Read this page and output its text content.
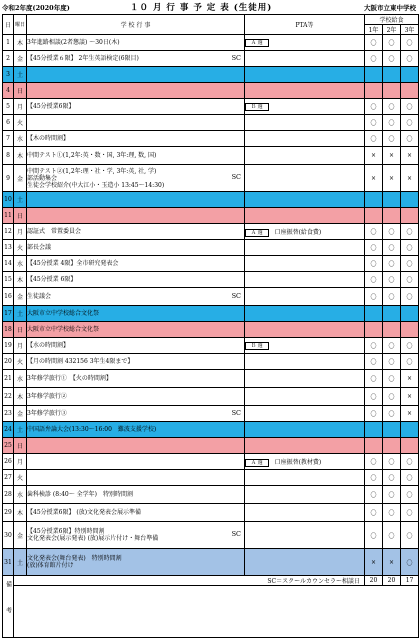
令和2年度(2020年度)	１０ 月 行 事 予 定 表 (生徒用)	大阪市立東中学校
日	曜日	学 校 行 事	PTA等	学校給食		
				1年	2年	3年
1	木	3年進路相談(2者懇談) ～30日(木)	Ａ 週	〇	〇	〇
2	金	【45分授業６限】 2年生英語検定(6限目) SC		〇	〇	〇
3	土	

4	日	

5	月	【45分授業6限】	Ｂ 週	〇	〇	〇
6	火			〇	〇	〇
7	水	【木の時間割】		〇	〇	〇
8	木	中間テスト①(1,2年:英・数・国, 3年:理, 数, 国)		×	×	×
9	金	中間テスト②(1,2年:理・社・学, 3年:英, 社, 学)
部活動集会
生徒会学校紹介(中大江小・玉造小 13:45～14:30)
SC		×	×	×
10	土	

11	日	

12	月	認証式　常置委員会	Ａ 週 口座振替(給食費)	〇	〇	〇
13	火	部長会議		〇	〇	〇
14	水	【45分授業 4限】全市研究発表会		〇	〇	〇
15	木	【45分授業 6限】		〇	〇	〇
16	金	生徒議会 SC		〇	〇	〇
17	土	大阪市立中学校総合文化祭				

18	日	大阪市立中学校総合文化祭				

19	月	【水の時間割】	Ｂ 週	〇	〇	〇
20	火	【月の時間割 432156 3年生4限まで】		〇	〇	〇
21	水	3年修学旅行①　【火の時間割】		〇	〇	×
22	木	3年修学旅行②		〇	〇	×
23	金	3年修学旅行③ SC		〇	〇	×
24	土	中国語弁論大会(13:30～16:00　難波支援学校)				

25	日	

26	月		Ａ 週 口座振替(教材費)	〇	〇	〇
27	火			〇	〇	〇
28	水	歯科検診 (8:40～ 全学年)　特別時間割		〇	〇	〇
29	木	【45分授業6限】 (放)文化発表会展示準備		〇	〇	〇
30	金	【45分授業6限】特別時間割
文化発表会(展示発表) (放)展示片付け・舞台準備
SC		〇	〇	〇
31	土	文化発表会(舞台発表)　特別時間割
(放)体育館片付け		×	×	〇
備考	SC＝スクールカウンセラー相談日			20	20	17
